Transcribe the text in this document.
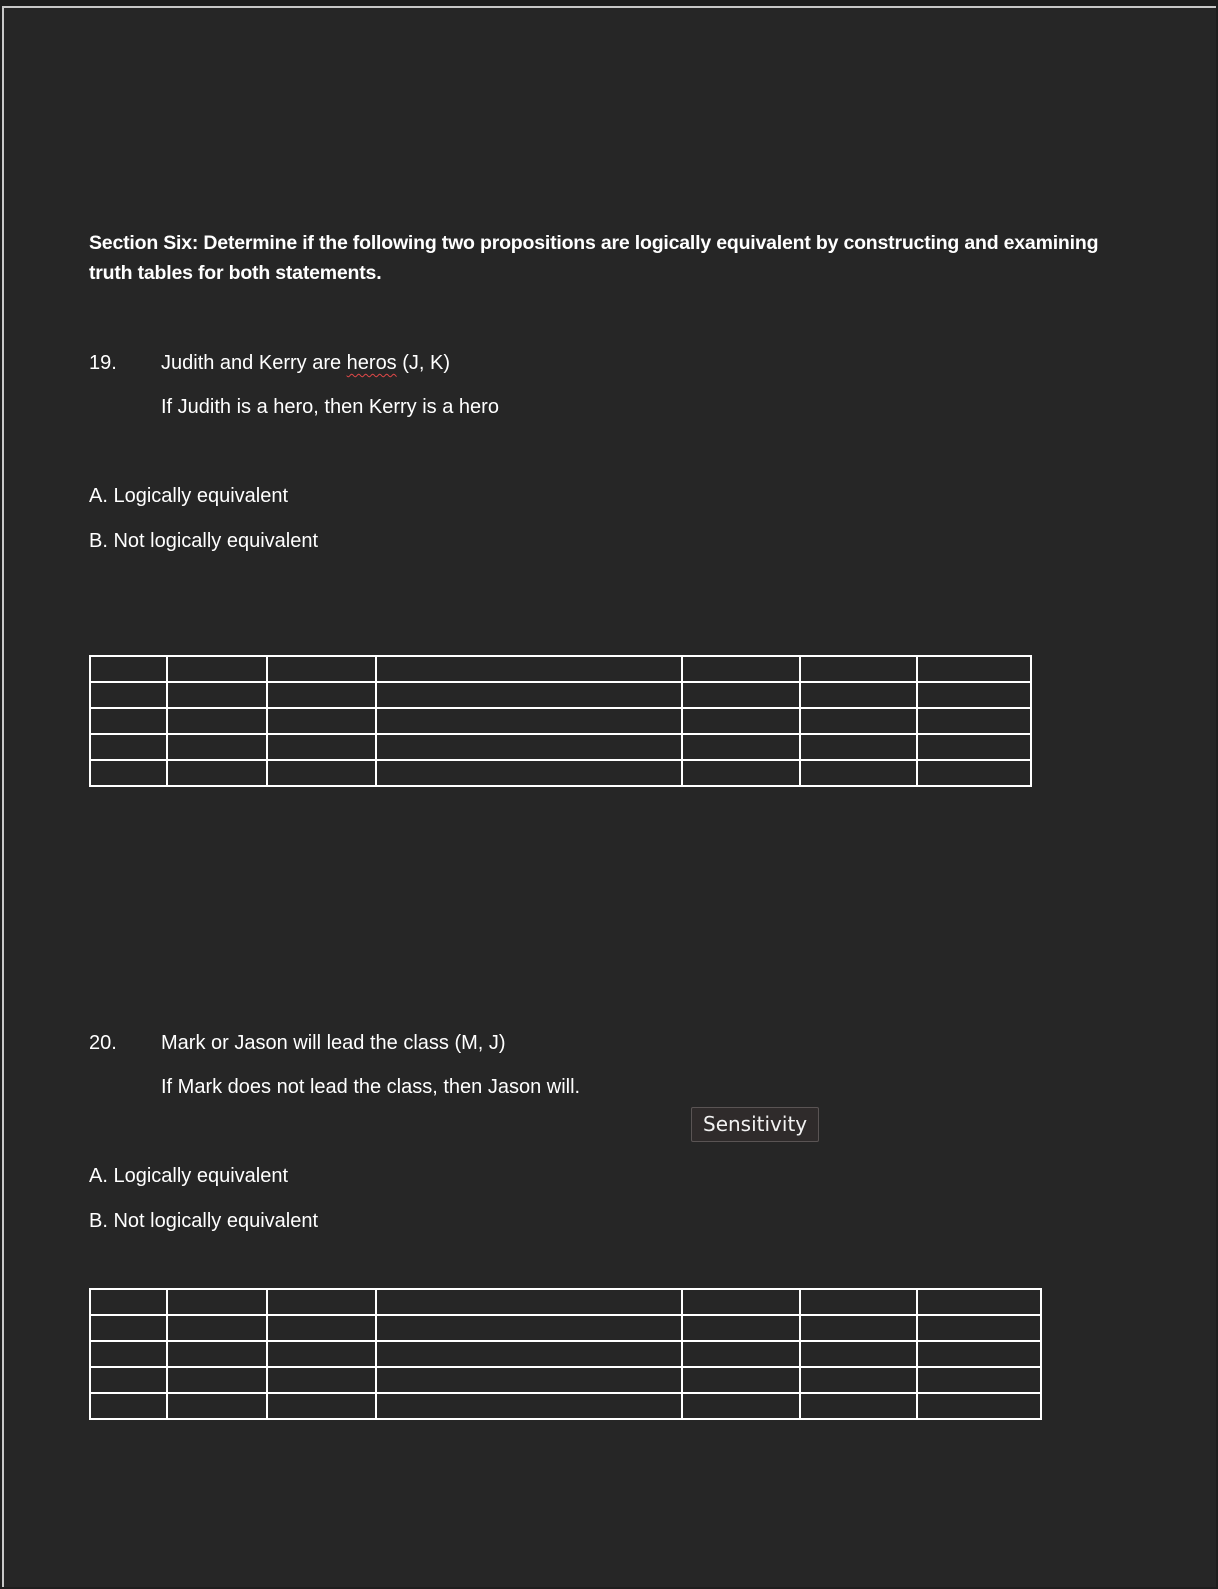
Section Six: Determine if the following two propositions are logically equivalent by constructing and examining truth tables for both statements.
19. Judith and Kerry are heros (J, K)
If Judith is a hero, then Kerry is a hero
A. Logically equivalent
B. Not logically equivalent

20. Mark or Jason will lead the class (M, J)
If Mark does not lead the class, then Jason will.
Sensitivity
A. Logically equivalent
B. Not logically equivalent
